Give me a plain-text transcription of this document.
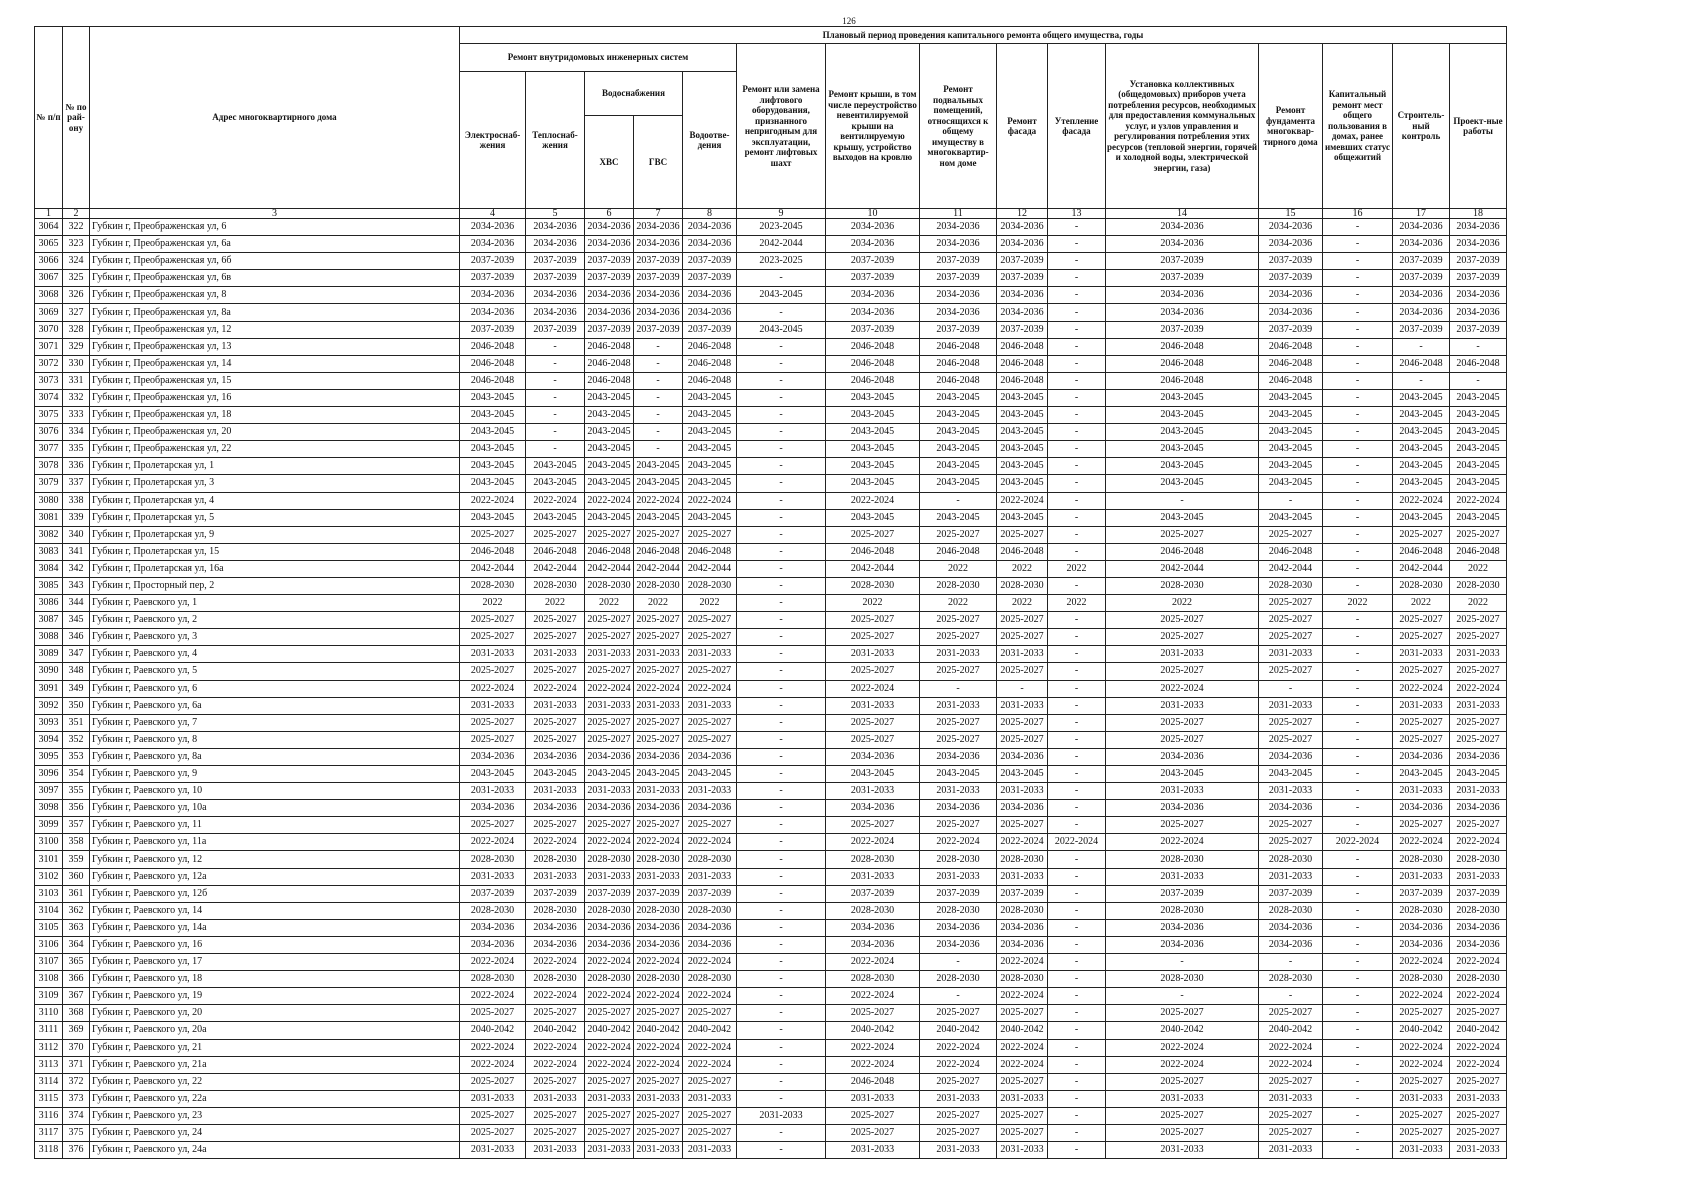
126
№ п/п	№ по рай-ону	Адрес многоквартирного дома	Плановый период проведения капитального ремонта общего имущества, годы														
			Ремонт внутридомовых инженерных систем					Ремонт или замена лифтового оборудования, признанного непригодным для эксплуатации, ремонт лифтовых шахт	Ремонт крыши, в том числе переустройство невентилируемой крыши на вентилируемую крышу, устройство выходов на кровлю	Ремонт подвальных помещений, относящихся к общему имуществу в многоквартир-ном доме	Ремонт фасада	Утепление фасада	Установка коллективных (общедомовых) приборов учета потребления ресурсов, необходимых для предоставления коммунальных услуг, и узлов управления и регулирования потребления этих ресурсов (тепловой энергии, горячей и холодной воды, электрической энергии, газа)	Ремонт фундамента многоквар-тирного дома	Капитальный ремонт мест общего пользования в домах, ранее имевших статус общежитий	Строитель-ный контроль	Проект-ные работы
			Электроснаб-жения	Теплоснаб-жения	Водоснабжения		Водоотве-дения										
					ХВС	ГВС											
1	2	3	4	5	6	7	8	9	10	11	12	13	14	15	16	17	18
3064	322	Губкин г, Преображенская ул, 6	2034-2036	2034-2036	2034-2036	2034-2036	2034-2036	2023-2045	2034-2036	2034-2036	2034-2036	-	2034-2036	2034-2036	-	2034-2036	2034-2036
3065	323	Губкин г, Преображенская ул, 6а	2034-2036	2034-2036	2034-2036	2034-2036	2034-2036	2042-2044	2034-2036	2034-2036	2034-2036	-	2034-2036	2034-2036	-	2034-2036	2034-2036
3066	324	Губкин г, Преображенская ул, 6б	2037-2039	2037-2039	2037-2039	2037-2039	2037-2039	2023-2025	2037-2039	2037-2039	2037-2039	-	2037-2039	2037-2039	-	2037-2039	2037-2039
3067	325	Губкин г, Преображенская ул, 6в	2037-2039	2037-2039	2037-2039	2037-2039	2037-2039	-	2037-2039	2037-2039	2037-2039	-	2037-2039	2037-2039	-	2037-2039	2037-2039
3068	326	Губкин г, Преображенская ул, 8	2034-2036	2034-2036	2034-2036	2034-2036	2034-2036	2043-2045	2034-2036	2034-2036	2034-2036	-	2034-2036	2034-2036	-	2034-2036	2034-2036
3069	327	Губкин г, Преображенская ул, 8а	2034-2036	2034-2036	2034-2036	2034-2036	2034-2036	-	2034-2036	2034-2036	2034-2036	-	2034-2036	2034-2036	-	2034-2036	2034-2036
3070	328	Губкин г, Преображенская ул, 12	2037-2039	2037-2039	2037-2039	2037-2039	2037-2039	2043-2045	2037-2039	2037-2039	2037-2039	-	2037-2039	2037-2039	-	2037-2039	2037-2039
3071	329	Губкин г, Преображенская ул, 13	2046-2048	-	2046-2048	-	2046-2048	-	2046-2048	2046-2048	2046-2048	-	2046-2048	2046-2048	-	-	-
3072	330	Губкин г, Преображенская ул, 14	2046-2048	-	2046-2048	-	2046-2048	-	2046-2048	2046-2048	2046-2048	-	2046-2048	2046-2048	-	2046-2048	2046-2048
3073	331	Губкин г, Преображенская ул, 15	2046-2048	-	2046-2048	-	2046-2048	-	2046-2048	2046-2048	2046-2048	-	2046-2048	2046-2048	-	-	-
3074	332	Губкин г, Преображенская ул, 16	2043-2045	-	2043-2045	-	2043-2045	-	2043-2045	2043-2045	2043-2045	-	2043-2045	2043-2045	-	2043-2045	2043-2045
3075	333	Губкин г, Преображенская ул, 18	2043-2045	-	2043-2045	-	2043-2045	-	2043-2045	2043-2045	2043-2045	-	2043-2045	2043-2045	-	2043-2045	2043-2045
3076	334	Губкин г, Преображенская ул, 20	2043-2045	-	2043-2045	-	2043-2045	-	2043-2045	2043-2045	2043-2045	-	2043-2045	2043-2045	-	2043-2045	2043-2045
3077	335	Губкин г, Преображенская ул, 22	2043-2045	-	2043-2045	-	2043-2045	-	2043-2045	2043-2045	2043-2045	-	2043-2045	2043-2045	-	2043-2045	2043-2045
3078	336	Губкин г, Пролетарская ул, 1	2043-2045	2043-2045	2043-2045	2043-2045	2043-2045	-	2043-2045	2043-2045	2043-2045	-	2043-2045	2043-2045	-	2043-2045	2043-2045
3079	337	Губкин г, Пролетарская ул, 3	2043-2045	2043-2045	2043-2045	2043-2045	2043-2045	-	2043-2045	2043-2045	2043-2045	-	2043-2045	2043-2045	-	2043-2045	2043-2045
3080	338	Губкин г, Пролетарская ул, 4	2022-2024	2022-2024	2022-2024	2022-2024	2022-2024	-	2022-2024	-	2022-2024	-	-	-	-	2022-2024	2022-2024
3081	339	Губкин г, Пролетарская ул, 5	2043-2045	2043-2045	2043-2045	2043-2045	2043-2045	-	2043-2045	2043-2045	2043-2045	-	2043-2045	2043-2045	-	2043-2045	2043-2045
3082	340	Губкин г, Пролетарская ул, 9	2025-2027	2025-2027	2025-2027	2025-2027	2025-2027	-	2025-2027	2025-2027	2025-2027	-	2025-2027	2025-2027	-	2025-2027	2025-2027
3083	341	Губкин г, Пролетарская ул, 15	2046-2048	2046-2048	2046-2048	2046-2048	2046-2048	-	2046-2048	2046-2048	2046-2048	-	2046-2048	2046-2048	-	2046-2048	2046-2048
3084	342	Губкин г, Пролетарская ул, 16а	2042-2044	2042-2044	2042-2044	2042-2044	2042-2044	-	2042-2044	2022	2022	2022	2042-2044	2042-2044	-	2042-2044	2022
3085	343	Губкин г, Просторный пер, 2	2028-2030	2028-2030	2028-2030	2028-2030	2028-2030	-	2028-2030	2028-2030	2028-2030	-	2028-2030	2028-2030	-	2028-2030	2028-2030
3086	344	Губкин г, Раевского ул, 1	2022	2022	2022	2022	2022	-	2022	2022	2022	2022	2022	2025-2027	2022	2022	2022
3087	345	Губкин г, Раевского ул, 2	2025-2027	2025-2027	2025-2027	2025-2027	2025-2027	-	2025-2027	2025-2027	2025-2027	-	2025-2027	2025-2027	-	2025-2027	2025-2027
3088	346	Губкин г, Раевского ул, 3	2025-2027	2025-2027	2025-2027	2025-2027	2025-2027	-	2025-2027	2025-2027	2025-2027	-	2025-2027	2025-2027	-	2025-2027	2025-2027
3089	347	Губкин г, Раевского ул, 4	2031-2033	2031-2033	2031-2033	2031-2033	2031-2033	-	2031-2033	2031-2033	2031-2033	-	2031-2033	2031-2033	-	2031-2033	2031-2033
3090	348	Губкин г, Раевского ул, 5	2025-2027	2025-2027	2025-2027	2025-2027	2025-2027	-	2025-2027	2025-2027	2025-2027	-	2025-2027	2025-2027	-	2025-2027	2025-2027
3091	349	Губкин г, Раевского ул, 6	2022-2024	2022-2024	2022-2024	2022-2024	2022-2024	-	2022-2024	-	-	-	2022-2024	-	-	2022-2024	2022-2024
3092	350	Губкин г, Раевского ул, 6а	2031-2033	2031-2033	2031-2033	2031-2033	2031-2033	-	2031-2033	2031-2033	2031-2033	-	2031-2033	2031-2033	-	2031-2033	2031-2033
3093	351	Губкин г, Раевского ул, 7	2025-2027	2025-2027	2025-2027	2025-2027	2025-2027	-	2025-2027	2025-2027	2025-2027	-	2025-2027	2025-2027	-	2025-2027	2025-2027
3094	352	Губкин г, Раевского ул, 8	2025-2027	2025-2027	2025-2027	2025-2027	2025-2027	-	2025-2027	2025-2027	2025-2027	-	2025-2027	2025-2027	-	2025-2027	2025-2027
3095	353	Губкин г, Раевского ул, 8а	2034-2036	2034-2036	2034-2036	2034-2036	2034-2036	-	2034-2036	2034-2036	2034-2036	-	2034-2036	2034-2036	-	2034-2036	2034-2036
3096	354	Губкин г, Раевского ул, 9	2043-2045	2043-2045	2043-2045	2043-2045	2043-2045	-	2043-2045	2043-2045	2043-2045	-	2043-2045	2043-2045	-	2043-2045	2043-2045
3097	355	Губкин г, Раевского ул, 10	2031-2033	2031-2033	2031-2033	2031-2033	2031-2033	-	2031-2033	2031-2033	2031-2033	-	2031-2033	2031-2033	-	2031-2033	2031-2033
3098	356	Губкин г, Раевского ул, 10а	2034-2036	2034-2036	2034-2036	2034-2036	2034-2036	-	2034-2036	2034-2036	2034-2036	-	2034-2036	2034-2036	-	2034-2036	2034-2036
3099	357	Губкин г, Раевского ул, 11	2025-2027	2025-2027	2025-2027	2025-2027	2025-2027	-	2025-2027	2025-2027	2025-2027	-	2025-2027	2025-2027	-	2025-2027	2025-2027
3100	358	Губкин г, Раевского ул, 11а	2022-2024	2022-2024	2022-2024	2022-2024	2022-2024	-	2022-2024	2022-2024	2022-2024	2022-2024	2022-2024	2025-2027	2022-2024	2022-2024	2022-2024
3101	359	Губкин г, Раевского ул, 12	2028-2030	2028-2030	2028-2030	2028-2030	2028-2030	-	2028-2030	2028-2030	2028-2030	-	2028-2030	2028-2030	-	2028-2030	2028-2030
3102	360	Губкин г, Раевского ул, 12а	2031-2033	2031-2033	2031-2033	2031-2033	2031-2033	-	2031-2033	2031-2033	2031-2033	-	2031-2033	2031-2033	-	2031-2033	2031-2033
3103	361	Губкин г, Раевского ул, 12б	2037-2039	2037-2039	2037-2039	2037-2039	2037-2039	-	2037-2039	2037-2039	2037-2039	-	2037-2039	2037-2039	-	2037-2039	2037-2039
3104	362	Губкин г, Раевского ул, 14	2028-2030	2028-2030	2028-2030	2028-2030	2028-2030	-	2028-2030	2028-2030	2028-2030	-	2028-2030	2028-2030	-	2028-2030	2028-2030
3105	363	Губкин г, Раевского ул, 14а	2034-2036	2034-2036	2034-2036	2034-2036	2034-2036	-	2034-2036	2034-2036	2034-2036	-	2034-2036	2034-2036	-	2034-2036	2034-2036
3106	364	Губкин г, Раевского ул, 16	2034-2036	2034-2036	2034-2036	2034-2036	2034-2036	-	2034-2036	2034-2036	2034-2036	-	2034-2036	2034-2036	-	2034-2036	2034-2036
3107	365	Губкин г, Раевского ул, 17	2022-2024	2022-2024	2022-2024	2022-2024	2022-2024	-	2022-2024	-	2022-2024	-	-	-	-	2022-2024	2022-2024
3108	366	Губкин г, Раевского ул, 18	2028-2030	2028-2030	2028-2030	2028-2030	2028-2030	-	2028-2030	2028-2030	2028-2030	-	2028-2030	2028-2030	-	2028-2030	2028-2030
3109	367	Губкин г, Раевского ул, 19	2022-2024	2022-2024	2022-2024	2022-2024	2022-2024	-	2022-2024	-	2022-2024	-	-	-	-	2022-2024	2022-2024
3110	368	Губкин г, Раевского ул, 20	2025-2027	2025-2027	2025-2027	2025-2027	2025-2027	-	2025-2027	2025-2027	2025-2027	-	2025-2027	2025-2027	-	2025-2027	2025-2027
3111	369	Губкин г, Раевского ул, 20а	2040-2042	2040-2042	2040-2042	2040-2042	2040-2042	-	2040-2042	2040-2042	2040-2042	-	2040-2042	2040-2042	-	2040-2042	2040-2042
3112	370	Губкин г, Раевского ул, 21	2022-2024	2022-2024	2022-2024	2022-2024	2022-2024	-	2022-2024	2022-2024	2022-2024	-	2022-2024	2022-2024	-	2022-2024	2022-2024
3113	371	Губкин г, Раевского ул, 21а	2022-2024	2022-2024	2022-2024	2022-2024	2022-2024	-	2022-2024	2022-2024	2022-2024	-	2022-2024	2022-2024	-	2022-2024	2022-2024
3114	372	Губкин г, Раевского ул, 22	2025-2027	2025-2027	2025-2027	2025-2027	2025-2027	-	2046-2048	2025-2027	2025-2027	-	2025-2027	2025-2027	-	2025-2027	2025-2027
3115	373	Губкин г, Раевского ул, 22а	2031-2033	2031-2033	2031-2033	2031-2033	2031-2033	-	2031-2033	2031-2033	2031-2033	-	2031-2033	2031-2033	-	2031-2033	2031-2033
3116	374	Губкин г, Раевского ул, 23	2025-2027	2025-2027	2025-2027	2025-2027	2025-2027	2031-2033	2025-2027	2025-2027	2025-2027	-	2025-2027	2025-2027	-	2025-2027	2025-2027
3117	375	Губкин г, Раевского ул, 24	2025-2027	2025-2027	2025-2027	2025-2027	2025-2027	-	2025-2027	2025-2027	2025-2027	-	2025-2027	2025-2027	-	2025-2027	2025-2027
3118	376	Губкин г, Раевского ул, 24а	2031-2033	2031-2033	2031-2033	2031-2033	2031-2033	-	2031-2033	2031-2033	2031-2033	-	2031-2033	2031-2033	-	2031-2033	2031-2033
